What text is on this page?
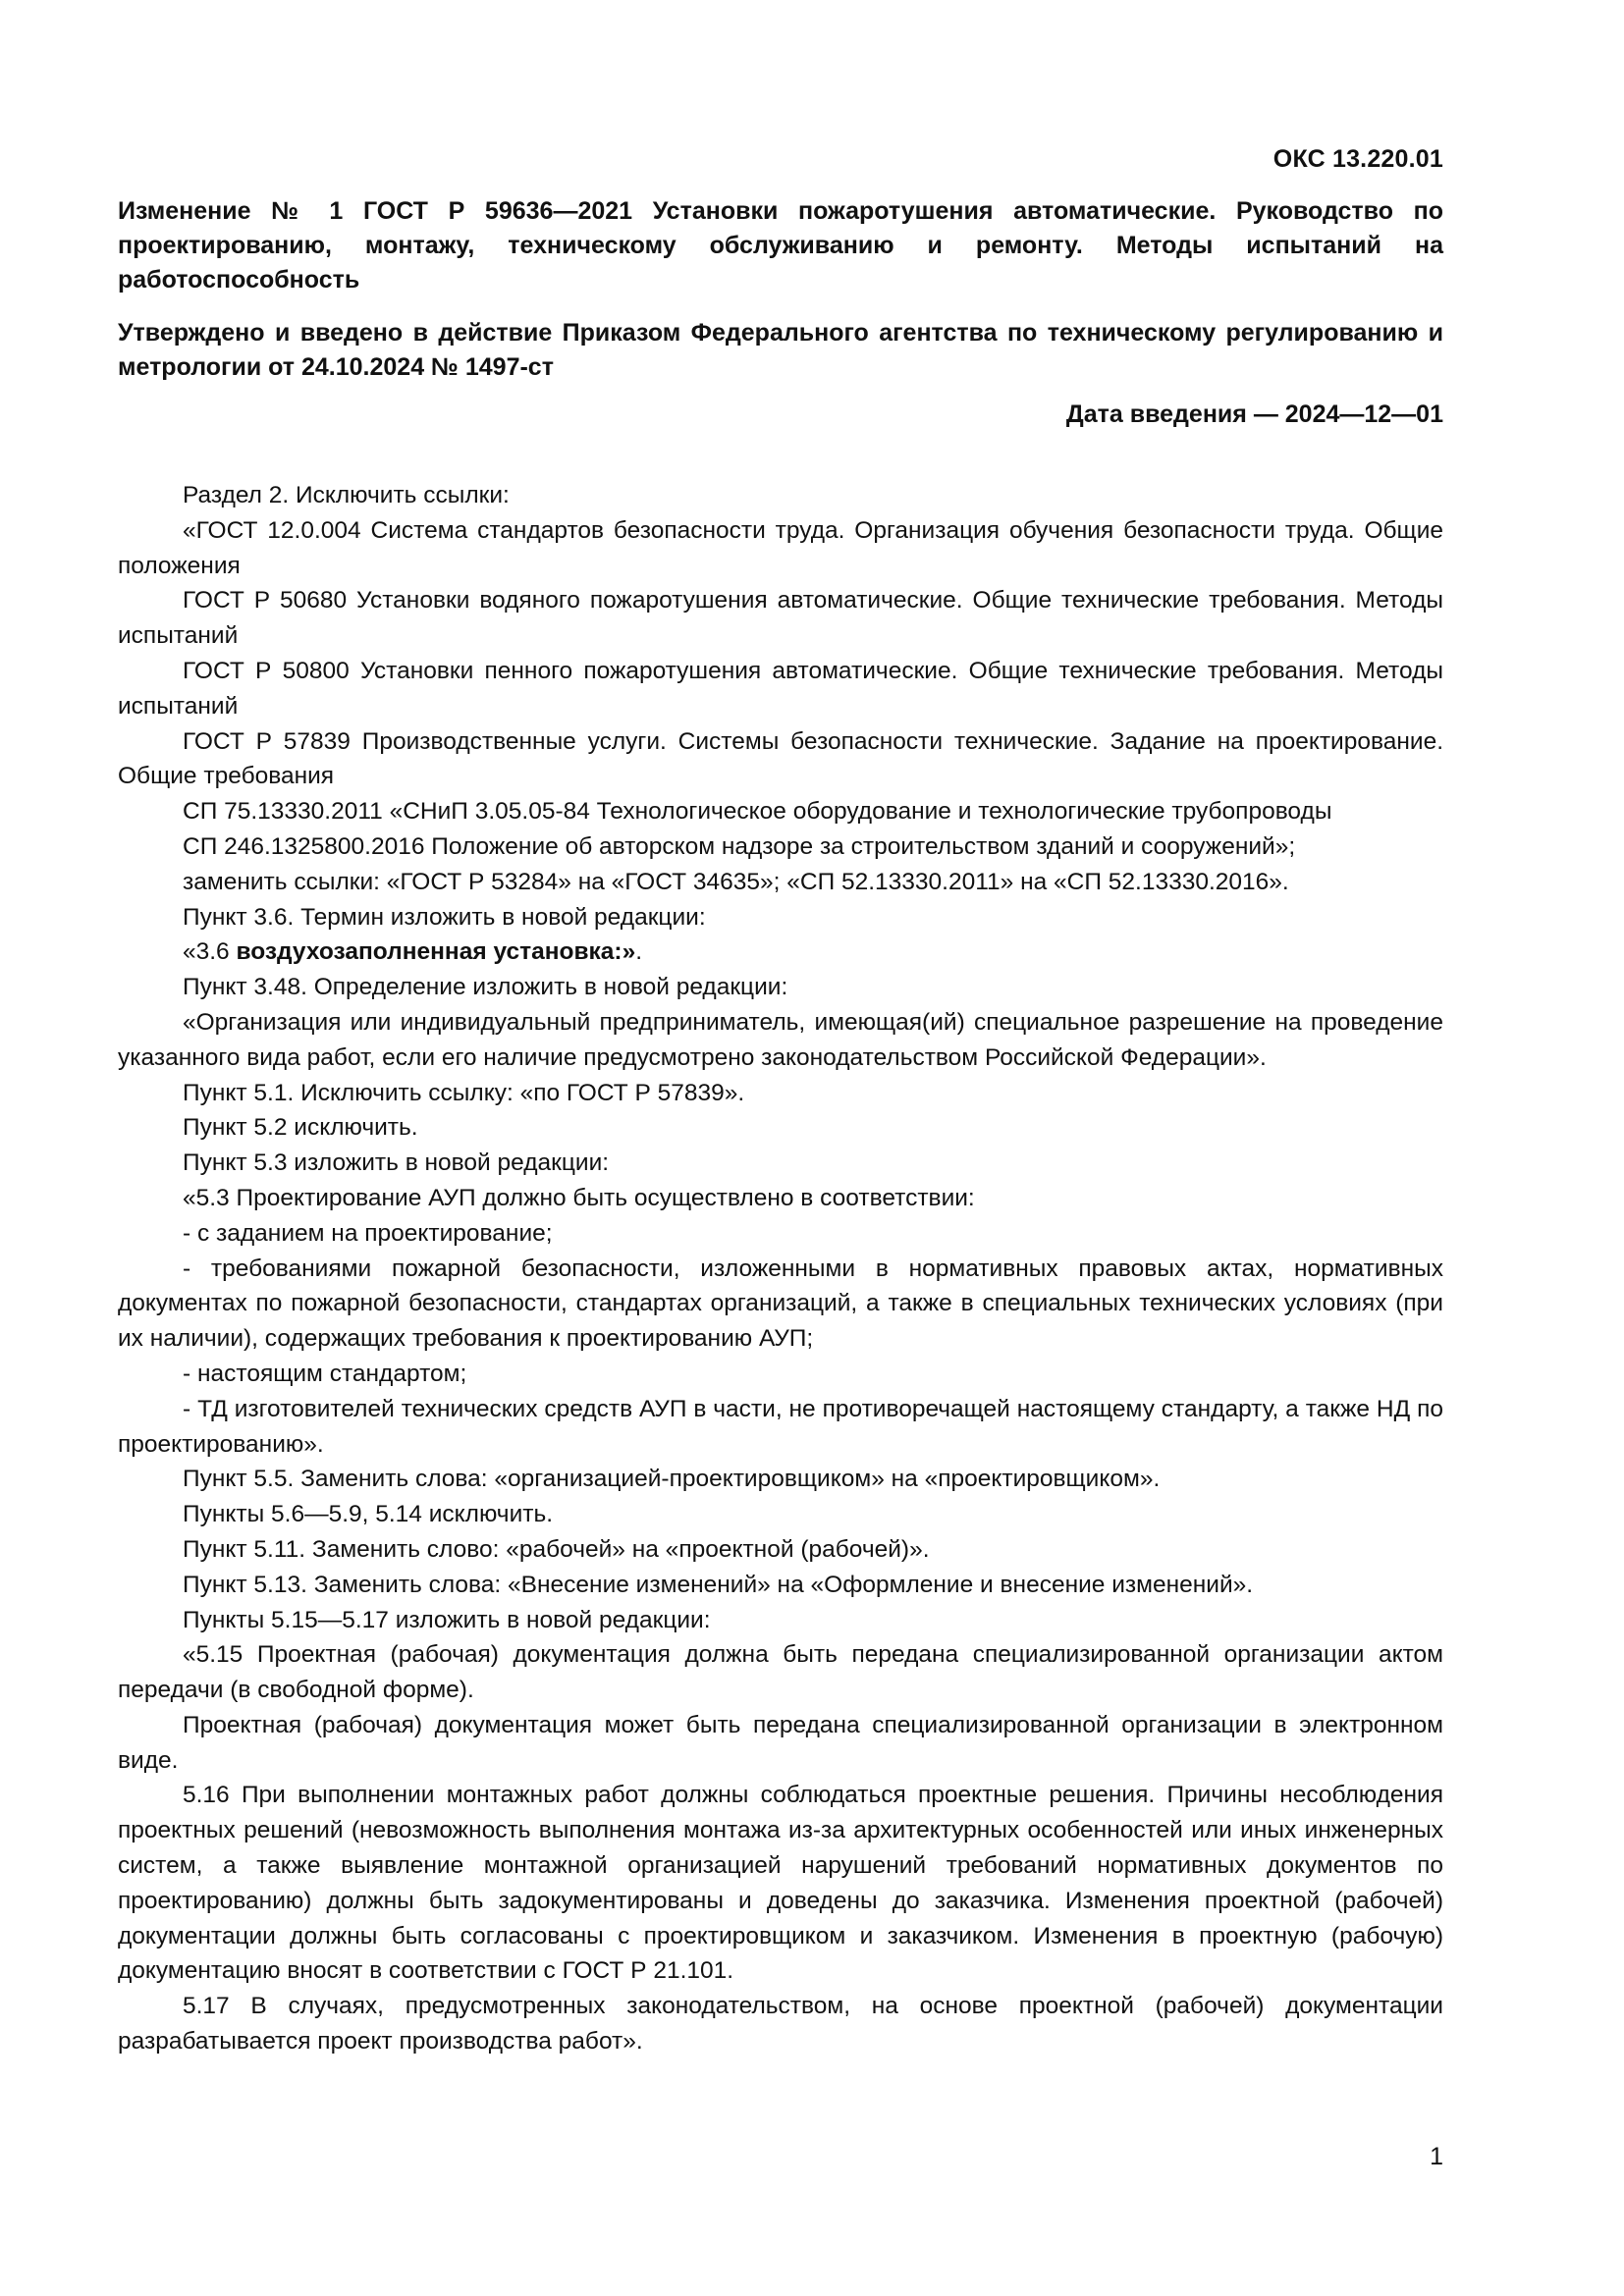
ОКС 13.220.01
Изменение № 1 ГОСТ Р 59636—2021 Установки пожаротушения автоматические. Руководство по проектированию, монтажу, техническому обслуживанию и ремонту. Методы испытаний на работоспособность
Утверждено и введено в действие Приказом Федерального агентства по техническому регулированию и метрологии от 24.10.2024 № 1497-ст
Дата введения — 2024—12—01

Раздел 2. Исключить ссылки:

«ГОСТ 12.0.004 Система стандартов безопасности труда. Организация обучения безопасности труда. Общие положения

ГОСТ Р 50680 Установки водяного пожаротушения автоматические. Общие технические требования. Методы испытаний

ГОСТ Р 50800 Установки пенного пожаротушения автоматические. Общие технические требования. Методы испытаний

ГОСТ Р 57839 Производственные услуги. Системы безопасности технические. Задание на проектирование. Общие требования

СП 75.13330.2011 «СНиП 3.05.05-84 Технологическое оборудование и технологические трубопроводы

СП 246.1325800.2016 Положение об авторском надзоре за строительством зданий и сооружений»;

заменить ссылки: «ГОСТ Р 53284» на «ГОСТ 34635»; «СП 52.13330.2011» на «СП 52.13330.2016».

Пункт 3.6. Термин изложить в новой редакции:

«3.6 воздухозаполненная установка:».

Пункт 3.48. Определение изложить в новой редакции:

«Организация или индивидуальный предприниматель, имеющая(ий) специальное разрешение на проведение указанного вида работ, если его наличие предусмотрено законодательством Российской Федерации».

Пункт 5.1. Исключить ссылку: «по ГОСТ Р 57839».

Пункт 5.2 исключить.

Пункт 5.3 изложить в новой редакции:

«5.3 Проектирование АУП должно быть осуществлено в соответствии:

- с заданием на проектирование;

- требованиями пожарной безопасности, изложенными в нормативных правовых актах, нормативных документах по пожарной безопасности, стандартах организаций, а также в специальных технических условиях (при их наличии), содержащих требования к проектированию АУП;

- настоящим стандартом;

- ТД изготовителей технических средств АУП в части, не противоречащей настоящему стандарту, а также НД по проектированию».

Пункт 5.5. Заменить слова: «организацией-проектировщиком» на «проектировщиком».

Пункты 5.6—5.9, 5.14 исключить.

Пункт 5.11. Заменить слово: «рабочей» на «проектной (рабочей)».

Пункт 5.13. Заменить слова: «Внесение изменений» на «Оформление и внесение изменений».

Пункты 5.15—5.17 изложить в новой редакции:

«5.15 Проектная (рабочая) документация должна быть передана специализированной организации актом передачи (в свободной форме).

Проектная (рабочая) документация может быть передана специализированной организации в электронном виде.

5.16 При выполнении монтажных работ должны соблюдаться проектные решения. Причины несоблюдения проектных решений (невозможность выполнения монтажа из-за архитектурных особенностей или иных инженерных систем, а также выявление монтажной организацией нарушений требований нормативных документов по проектированию) должны быть задокументированы и доведены до заказчика. Изменения проектной (рабочей) документации должны быть согласованы с проектировщиком и заказчиком. Изменения в проектную (рабочую) документацию вносят в соответствии с ГОСТ Р 21.101.

5.17 В случаях, предусмотренных законодательством, на основе проектной (рабочей) документации разрабатывается проект производства работ».

1
